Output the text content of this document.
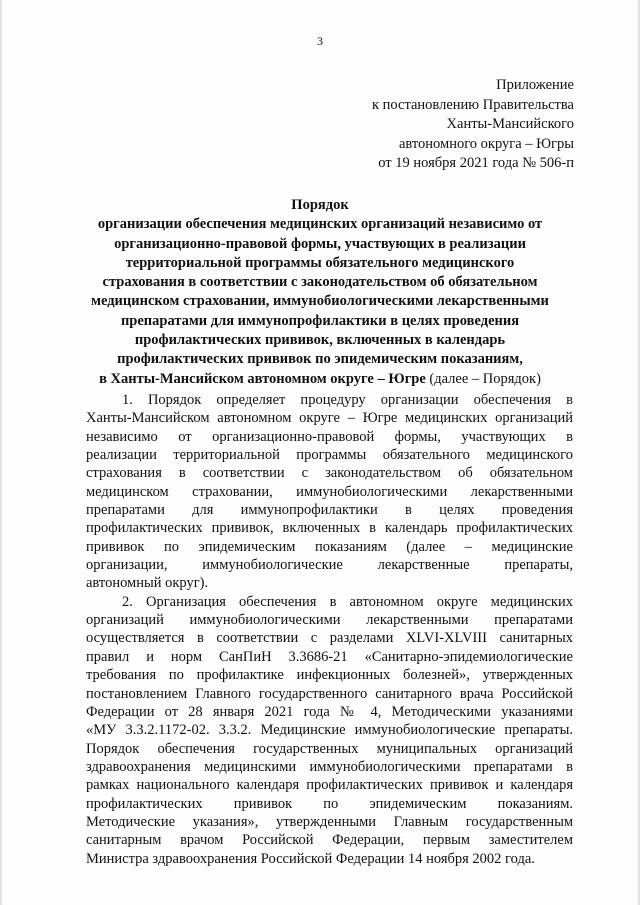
3
Приложение
к постановлению Правительства
Ханты-Мансийского
автономного округа – Югры
от 19 ноября 2021 года № 506-п
Порядок
организации обеспечения медицинских организаций независимо от
организационно-правовой формы, участвующих в реализации
территориальной программы обязательного медицинского
страхования в соответствии с законодательством об обязательном
медицинском страховании, иммунобиологическими лекарственными
препаратами для иммунопрофилактики в целях проведения
профилактических прививок, включенных в календарь
профилактических прививок по эпидемическим показаниям,
в Ханты-Мансийском автономном округе – Югре (далее – Порядок)
1. Порядок определяет процедуру организации обеспечения в
Ханты-Мансийском автономном округе – Югре медицинских организаций
независимо от организационно-правовой формы, участвующих в
реализации территориальной программы обязательного медицинского
страхования в соответствии с законодательством об обязательном
медицинском страховании, иммунобиологическими лекарственными
препаратами для иммунопрофилактики в целях проведения
профилактических прививок, включенных в календарь профилактических
прививок по эпидемическим показаниям (далее – медицинские
организации, иммунобиологические лекарственные препараты,
автономный округ).
2. Организация обеспечения в автономном округе медицинских
организаций иммунобиологическими лекарственными препаратами
осуществляется в соответствии с разделами XLVI-XLVIII санитарных
правил и норм СанПиН 3.3686-21 «Санитарно-эпидемиологические
требования по профилактике инфекционных болезней», утвержденных
постановлением Главного государственного санитарного врача Российской
Федерации от 28 января 2021 года № 4, Методическими указаниями
«МУ 3.3.2.1172-02. 3.3.2. Медицинские иммунобиологические препараты.
Порядок обеспечения государственных муниципальных организаций
здравоохранения медицинскими иммунобиологическими препаратами в
рамках национального календаря профилактических прививок и календаря
профилактических прививок по эпидемическим показаниям.
Методические указания», утвержденными Главным государственным
санитарным врачом Российской Федерации, первым заместителем
Министра здравоохранения Российской Федерации 14 ноября 2002 года.
